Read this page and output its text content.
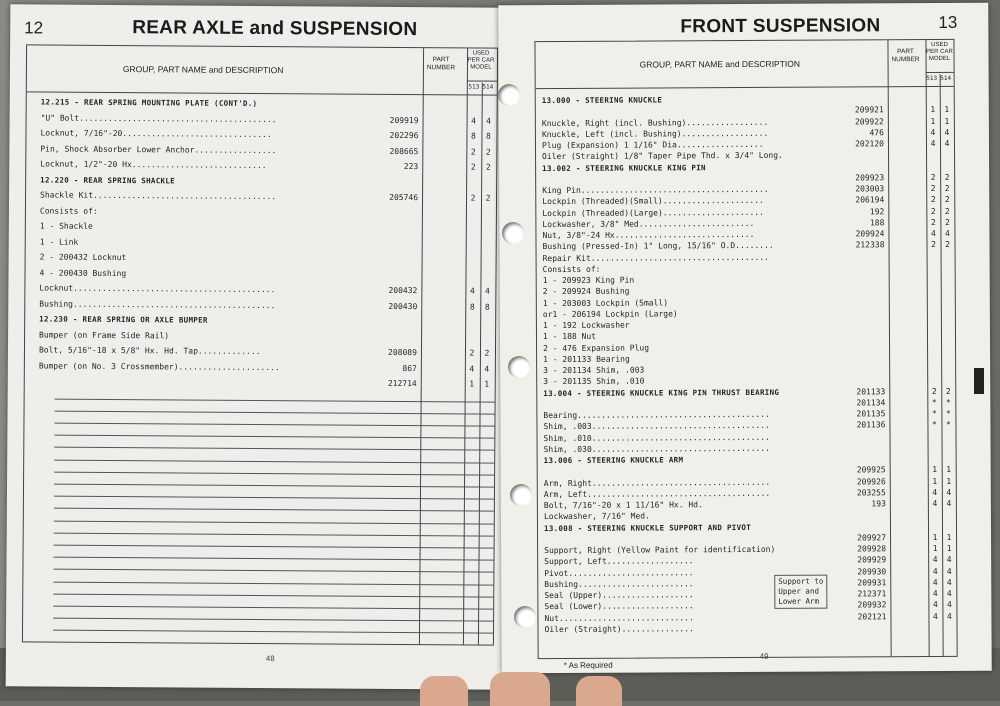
12	REAR AXLE and SUSPENSION
GROUP, PART NAME and DESCRIPTION
PART NUMBER
USED PER CAR MODEL
513 514
12.215 - REAR SPRING MOUNTING PLATE (CONT'D.)
"U" Bolt.........................................	209919	4	4
Locknut, 7/16"-20...............................	202296	8	8
Pin, Shock Absorber Lower Anchor.................	208665	2	2
Locknut, 1/2"-20 Hx............................	223	2	2
12.220 - REAR SPRING SHACKLE
Shackle Kit......................................	205746	2	2
Consists of:
1 - Shackle
1 - Link
2 - 200432 Locknut
4 - 200430 Bushing
Locknut..........................................	200432	4	4
Bushing..........................................	200430	8	8
12.230 - REAR SPRING OR AXLE BUMPER
Bumper (on Frame Side Rail)
Bolt, 5/16"-18 x 5/8" Hx. Hd. Tap.............	208089	2	2
Bumper (on No. 3 Crossmember).....................	867	4	4
212714	1	1
48
FRONT SUSPENSION	13
GROUP, PART NAME and DESCRIPTION
PART NUMBER
USED PER CAR MODEL
513 514
13.000 - STEERING KNUCKLE
209921	1	1
Knuckle, Right (incl. Bushing).................	209922	1	1
Knuckle, Left (incl. Bushing)..................	476	4	4
Plug (Expansion) 1 1/16" Dia..................	202120	4	4
Oiler (Straight) 1/8" Taper Pipe Thd. x 3/4" Long.
13.002 - STEERING KNUCKLE KING PIN
209923	2	2
King Pin.......................................	203003	2	2
Lockpin (Threaded)(Small).....................	206194	2	2
Lockpin (Threaded)(Large).....................	192	2	2
Lockwasher, 3/8" Med........................	188	2	2
Nut, 3/8"-24 Hx.............................	209924	4	4
Bushing (Pressed-In) 1" Long, 15/16" O.D........	212338	2	2
Repair Kit.....................................
Consists of:
1 - 209923 King Pin
2 - 209924 Bushing
1 - 203003 Lockpin (Small)
or1 - 206194 Lockpin (Large)
1 - 192 Lockwasher
1 - 188 Nut
2 - 476 Expansion Plug
1 - 201133 Bearing
3 - 201134 Shim, .003
3 - 201135 Shim, .010
13.004 - STEERING KNUCKLE KING PIN THRUST BEARING	201133	2	2
201134	*	*
Bearing........................................	201135	*	*
Shim, .003.....................................	201136	*	*
Shim, .010.....................................
Shim, .030.....................................
13.006 - STEERING KNUCKLE ARM
209925	1	1
Arm, Right.....................................	209926	1	1
Arm, Left......................................	203255	4	4
Bolt, 7/16"-20 x 1 11/16" Hx. Hd.	193	4	4
Lockwasher, 7/16" Med.
13.008 - STEERING KNUCKLE SUPPORT AND PIVOT
209927	1	1
Support, Right (Yellow Paint for identification)	209928	1	1
Support, Left..................	209929	4	4
Pivot..........................	209930	4	4
Bushing........................	209931	4	4
Seal (Upper)...................	212371	4	4
Seal (Lower)...................	209932	4	4
Nut............................	202121	4	4
Oiler (Straight)...............
Support to
Upper and
Lower Arm
* As Required
49
